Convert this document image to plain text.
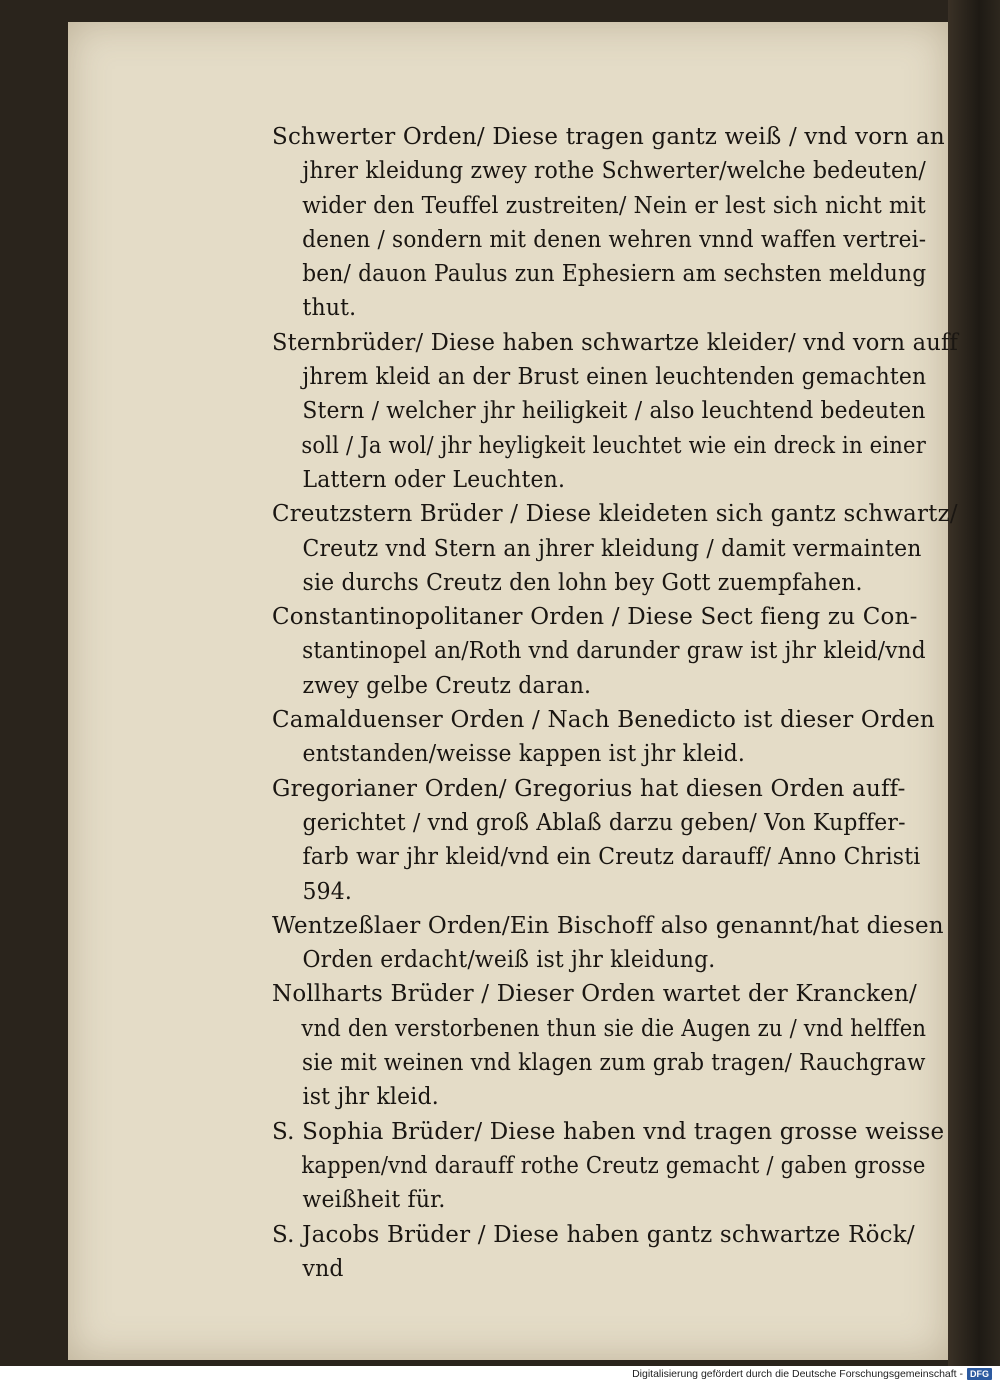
Schwerter Orden/ Diese tragen gantz weiß / vnd vorn an
jhrer kleidung zwey rothe Schwerter/welche bedeuten/
wider den Teuffel zustreiten/ Nein er lest sich nicht mit
denen / sondern mit denen wehren vnnd waffen vertrei-
ben/ dauon Paulus zun Ephesiern am sechsten meldung
thut.
Sternbrüder/ Diese haben schwartze kleider/ vnd vorn auff
jhrem kleid an der Brust einen leuchtenden gemachten
Stern / welcher jhr heiligkeit / also leuchtend bedeuten
soll / Ja wol/ jhr heyligkeit leuchtet wie ein dreck in einer
Lattern oder Leuchten.
Creutzstern Brüder / Diese kleideten sich gantz schwartz/
Creutz vnd Stern an jhrer kleidung / damit vermainten
sie durchs Creutz den lohn bey Gott zuempfahen.
Constantinopolitaner Orden / Diese Sect fieng zu Con-
stantinopel an/Roth vnd darunder graw ist jhr kleid/vnd
zwey gelbe Creutz daran.
Camalduenser Orden / Nach Benedicto ist dieser Orden
entstanden/weisse kappen ist jhr kleid.
Gregorianer Orden/ Gregorius hat diesen Orden auff-
gerichtet / vnd groß Ablaß darzu geben/ Von Kupffer-
farb war jhr kleid/vnd ein Creutz darauff/ Anno Christi
594.
Wentzeßlaer Orden/Ein Bischoff also genannt/hat diesen
Orden erdacht/weiß ist jhr kleidung.
Nollharts Brüder / Dieser Orden wartet der Krancken/
vnd den verstorbenen thun sie die Augen zu / vnd helffen
sie mit weinen vnd klagen zum grab tragen/ Rauchgraw
ist jhr kleid.
S. Sophia Brüder/ Diese haben vnd tragen grosse weisse
kappen/vnd darauff rothe Creutz gemacht / gaben grosse
weißheit für.
S. Jacobs Brüder / Diese haben gantz schwartze Röck/
vnd
Digitalisierung gefördert durch die Deutsche Forschungsgemeinschaft - DFG
